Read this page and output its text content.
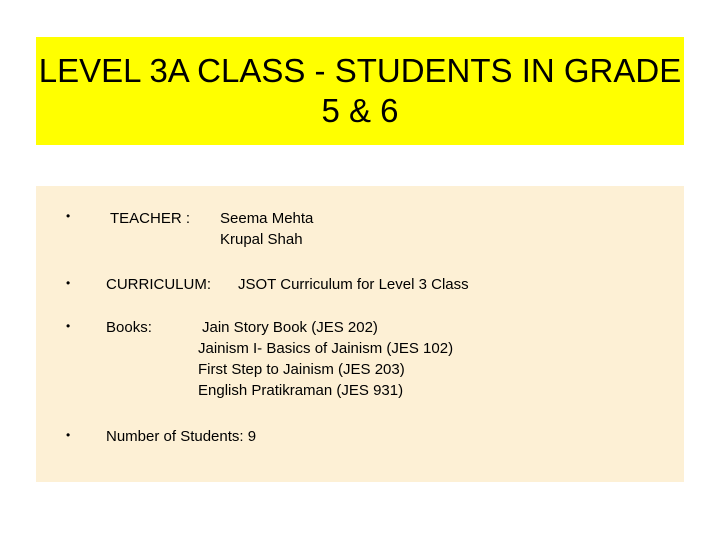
LEVEL 3A CLASS - STUDENTS IN GRADE
5 & 6
•	TEACHER : Seema Mehta
Krupal Shah
• CURRICULUM: JSOT Curriculum for Level 3 Class
• Books:	Jain Story Book (JES 202)
Jainism I- Basics of Jainism (JES 102)
First Step to Jainism (JES 203)
English Pratikraman (JES 931)
• Number of Students: 9
